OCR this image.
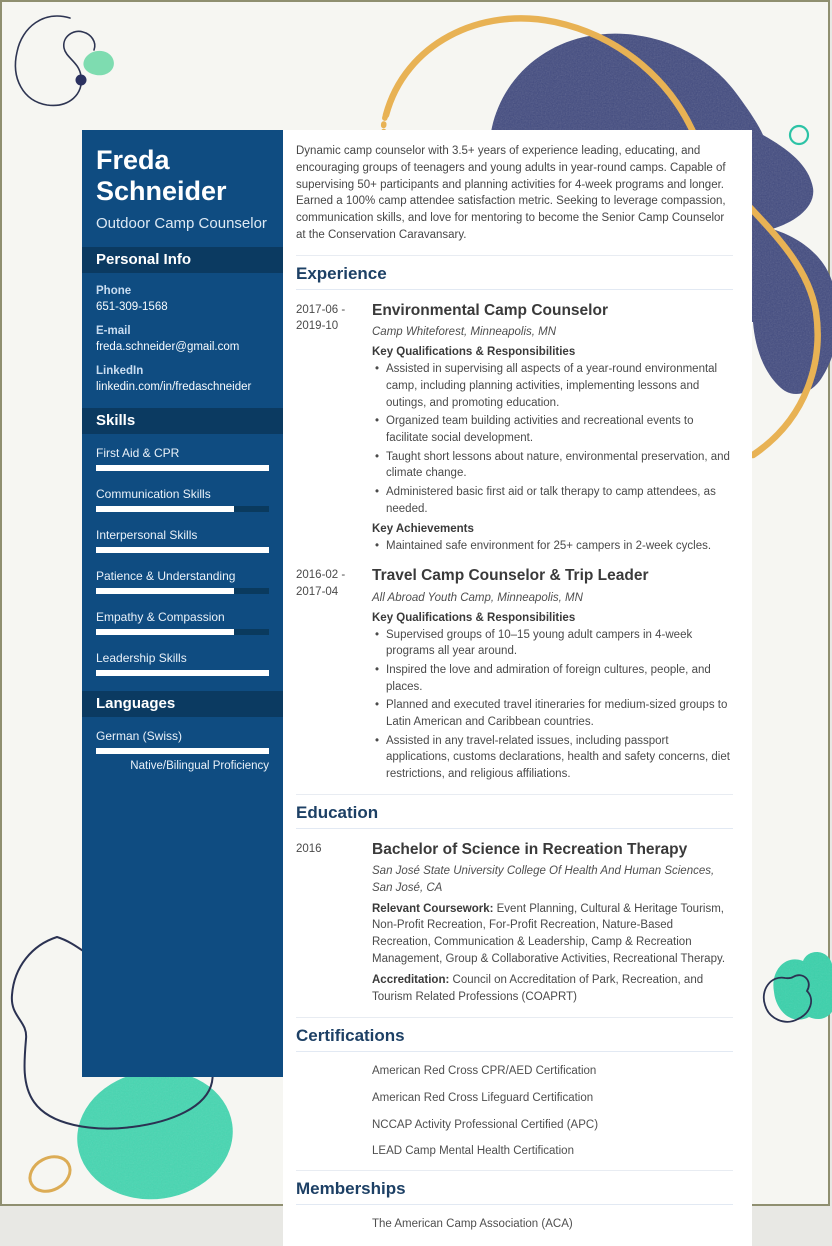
Freda Schneider
Outdoor Camp Counselor
Personal Info
Phone
651-309-1568
E-mail
freda.schneider@gmail.com
LinkedIn
linkedin.com/in/fredaschneider
Skills
First Aid & CPR
Communication Skills
Interpersonal Skills
Patience & Understanding
Empathy & Compassion
Leadership Skills
Languages
German (Swiss)
Native/Bilingual Proficiency

Dynamic camp counselor with 3.5+ years of experience leading, educating, and encouraging groups of teenagers and young adults in year-round camps. Capable of supervising 50+ participants and planning activities for 4-week programs and longer. Earned a 100% camp attendee satisfaction metric. Seeking to leverage compassion, communication skills, and love for mentoring to become the Senior Camp Counselor at the Conservation Caravansary.

Experience
2017-06 -
2019-10
Environmental Camp Counselor
Camp Whiteforest, Minneapolis, MN
Key Qualifications & Responsibilities
• Assisted in supervising all aspects of a year-round environmental camp, including planning activities, implementing lessons and outings, and promoting education.
• Organized team building activities and recreational events to facilitate social development.
• Taught short lessons about nature, environmental preservation, and climate change.
• Administered basic first aid or talk therapy to camp attendees, as needed.
Key Achievements
• Maintained safe environment for 25+ campers in 2-week cycles.
2016-02 -
2017-04
Travel Camp Counselor & Trip Leader
All Abroad Youth Camp, Minneapolis, MN
Key Qualifications & Responsibilities
• Supervised groups of 10–15 young adult campers in 4-week programs all year around.
• Inspired the love and admiration of foreign cultures, people, and places.
• Planned and executed travel itineraries for medium-sized groups to Latin American and Caribbean countries.
• Assisted in any travel-related issues, including passport applications, customs declarations, health and safety concerns, diet restrictions, and religious affiliations.
Education
2016	Bachelor of Science in Recreation Therapy
San José State University College Of Health And Human Sciences, San José, CA

Relevant Coursework: Event Planning, Cultural & Heritage Tourism, Non-Profit Recreation, For-Profit Recreation, Nature-Based Recreation, Communication & Leadership, Camp & Recreation Management, Group & Collaborative Activities, Recreational Therapy.

Accreditation: Council on Accreditation of Park, Recreation, and Tourism Related Professions (COAPRT)

Certifications
American Red Cross CPR/AED Certification
American Red Cross Lifeguard Certification
NCCAP Activity Professional Certified (APC)
LEAD Camp Mental Health Certification
Memberships
The American Camp Association (ACA)
